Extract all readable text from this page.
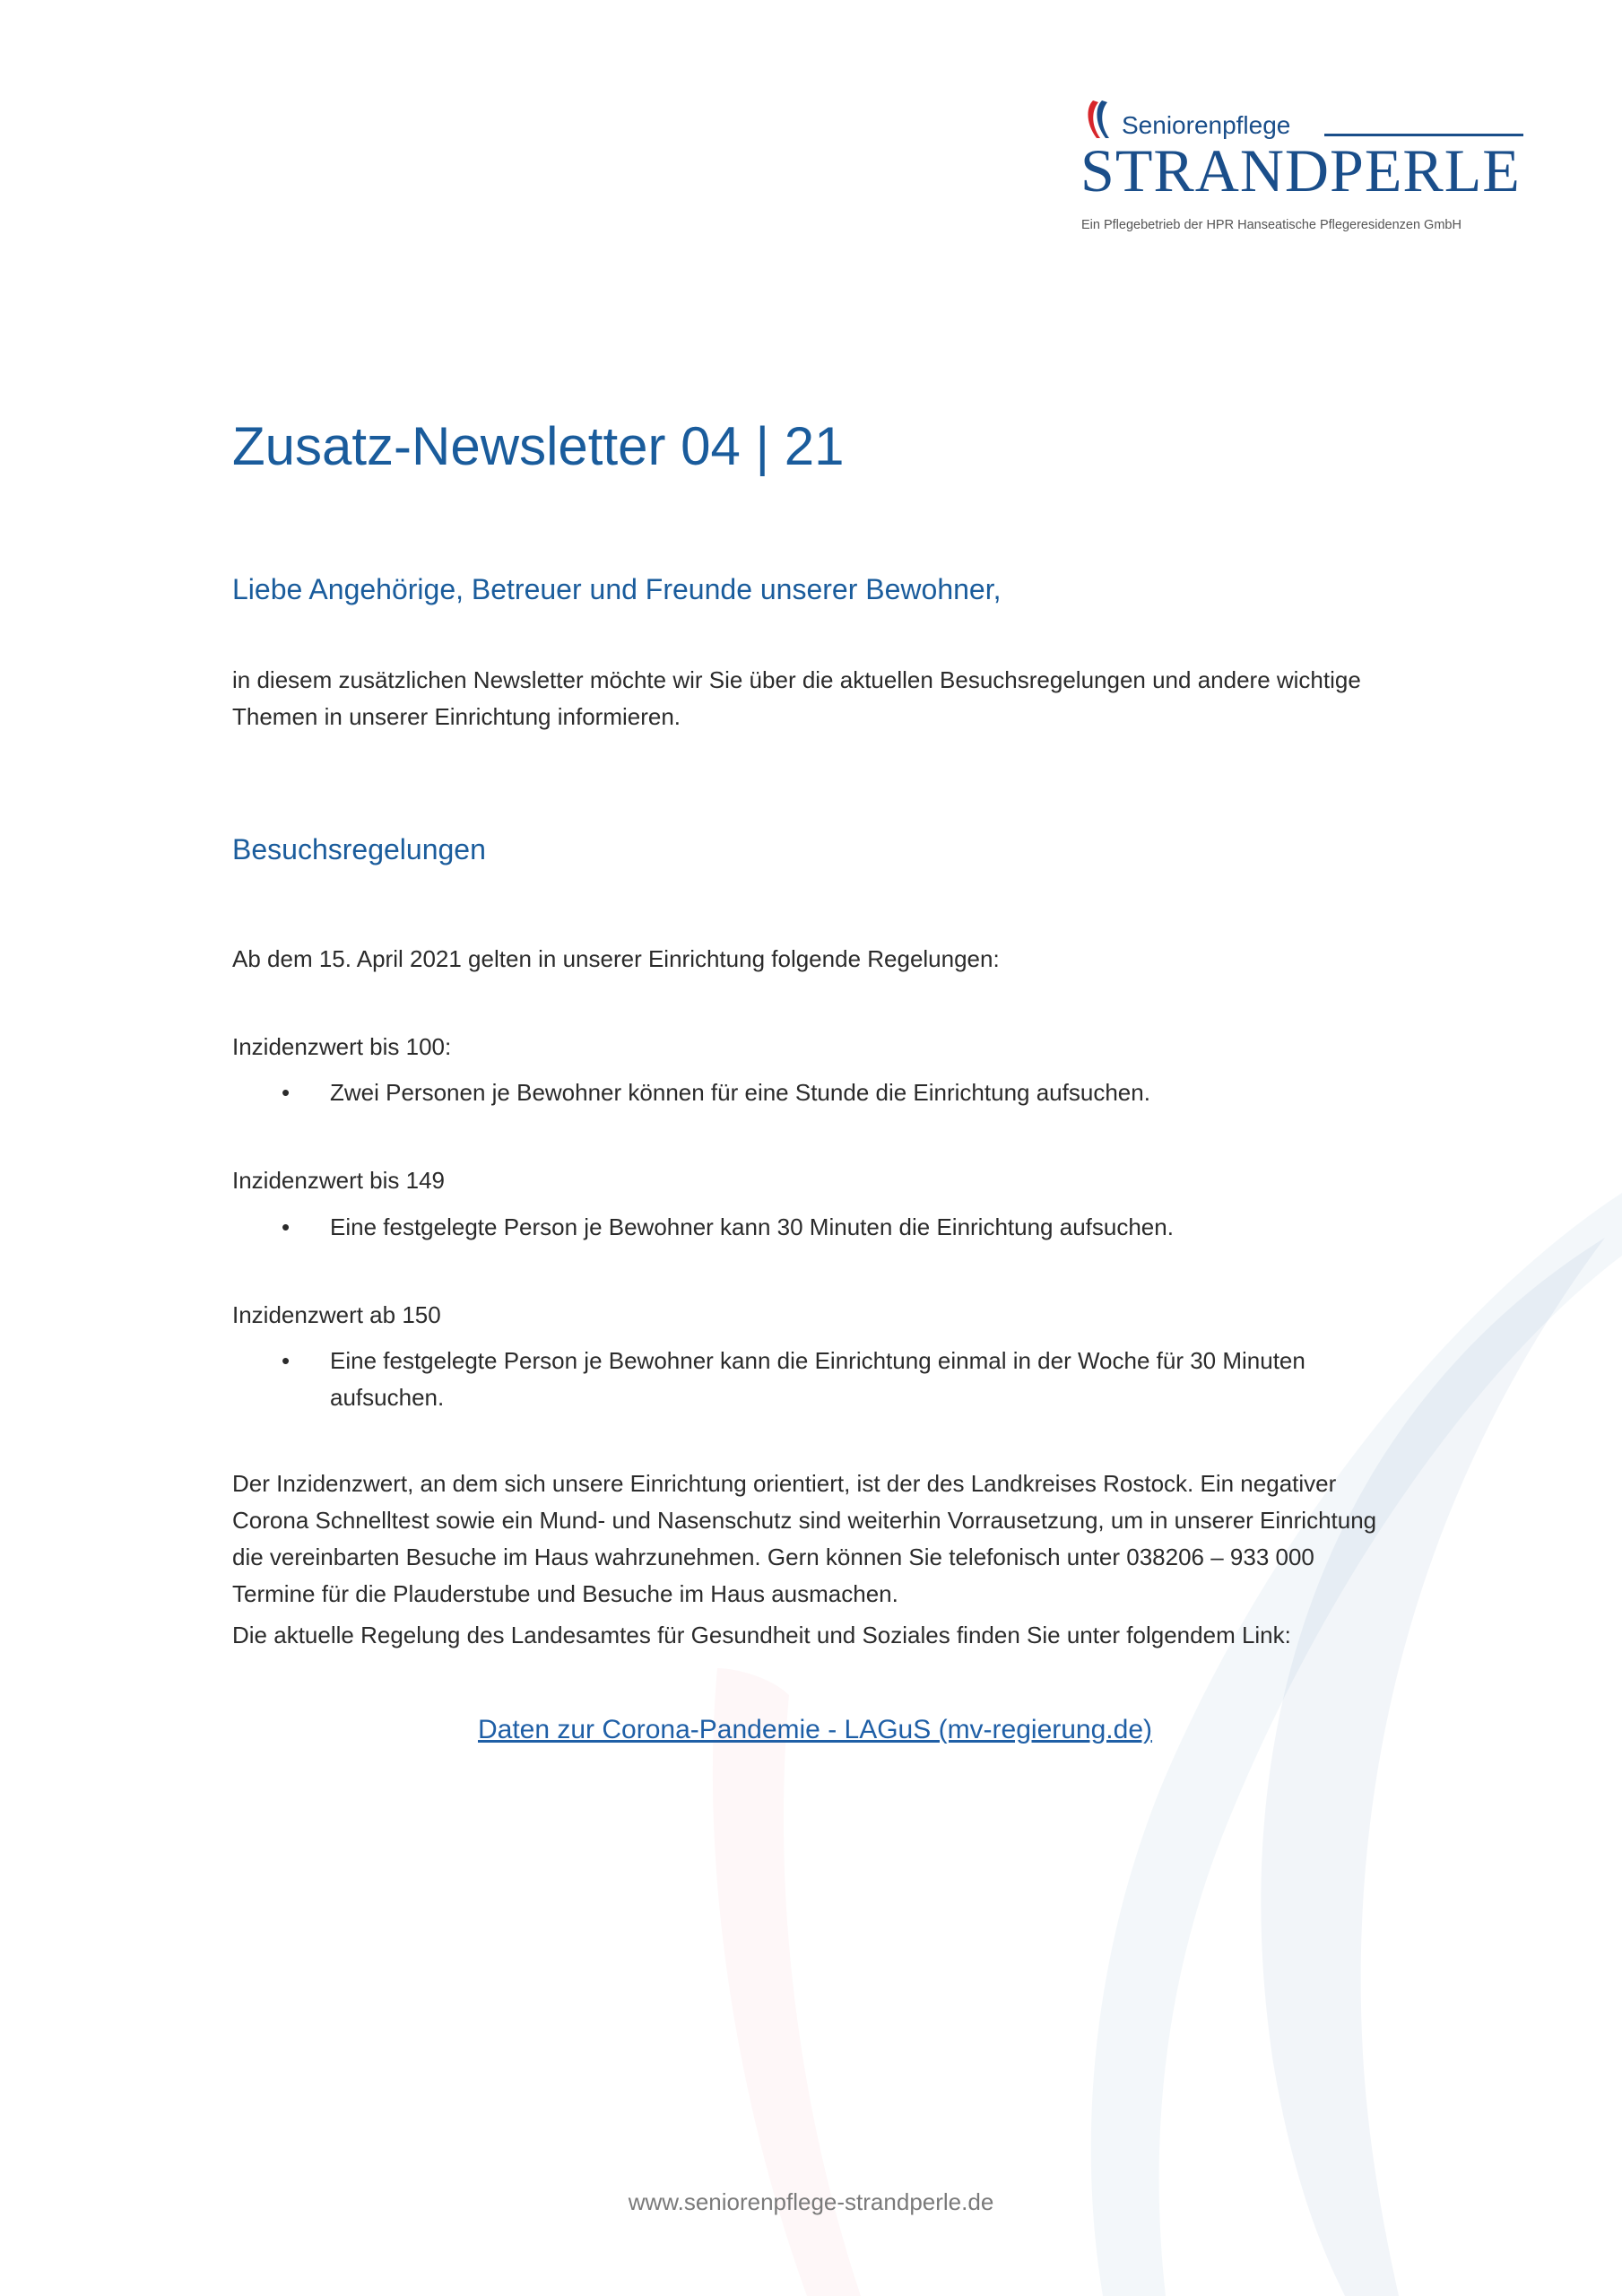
Seniorenpflege
STRANDPERLE
Ein Pflegebetrieb der HPR Hanseatische Pflegeresidenzen GmbH
Zusatz-Newsletter 04 | 21

Liebe Angehörige, Betreuer und Freunde unserer Bewohner,

in diesem zusätzlichen Newsletter möchte wir Sie über die aktuellen Besuchsregelungen und andere wichtige Themen in unserer Einrichtung informieren.
Besuchsregelungen
Ab dem 15. April 2021 gelten in unserer Einrichtung folgende Regelungen:
Inzidenzwert bis 100:
•	Zwei Personen je Bewohner können für eine Stunde die Einrichtung aufsuchen.
Inzidenzwert bis 149
•	Eine festgelegte Person je Bewohner kann 30 Minuten die Einrichtung aufsuchen.
Inzidenzwert ab 150
•	Eine festgelegte Person je Bewohner kann die Einrichtung einmal in der Woche für 30 Minuten aufsuchen.
Der Inzidenzwert, an dem sich unsere Einrichtung orientiert, ist der des Landkreises Rostock. Ein negativer Corona Schnelltest sowie ein Mund- und Nasenschutz sind weiterhin Vorrausetzung, um in unserer Einrichtung die vereinbarten Besuche im Haus wahrzunehmen. Gern können Sie telefonisch unter 038206 – 933 000 Termine für die Plauderstube und Besuche im Haus ausmachen.
Die aktuelle Regelung des Landesamtes für Gesundheit und Soziales finden Sie unter folgendem Link:
Daten zur Corona-Pandemie - LAGuS (mv-regierung.de)
www.seniorenpflege-strandperle.de
